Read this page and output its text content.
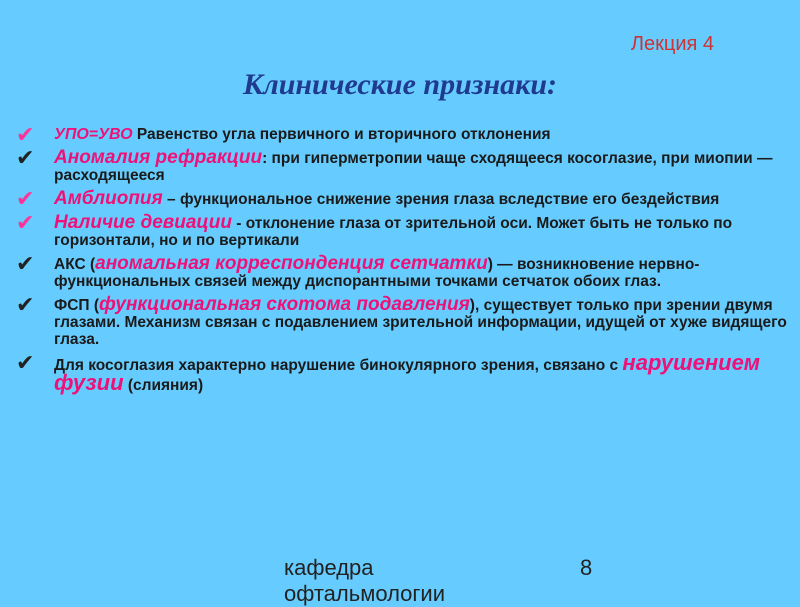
Лекция 4
Клинические признаки:
✔	УПО=УВО Равенство угла первичного и вторичного отклонения
✔	Аномалия рефракции: при гиперметропии чаще сходящееся косоглазие, при миопии — расходящееся
✔	Амблиопия – функциональное снижение зрения глаза вследствие его бездействия
✔	Наличие девиации - отклонение глаза от зрительной оси. Может быть не только по горизонтали, но и по вертикали
✔	АКС (аномальная корреспонденция сетчатки) — возникновение нервно-функциональных связей между диспорантными точками сетчаток обоих глаз.
✔	ФСП (функциональная скотома подавления), существует только при зрении двумя глазами. Механизм связан с подавлением зрительной информации, идущей от хуже видящего глаза.
✔	Для косоглазия характерно нарушение бинокулярного зрения, связано с нарушением фузии (слияния)
кафедра
офтальмологии
8
